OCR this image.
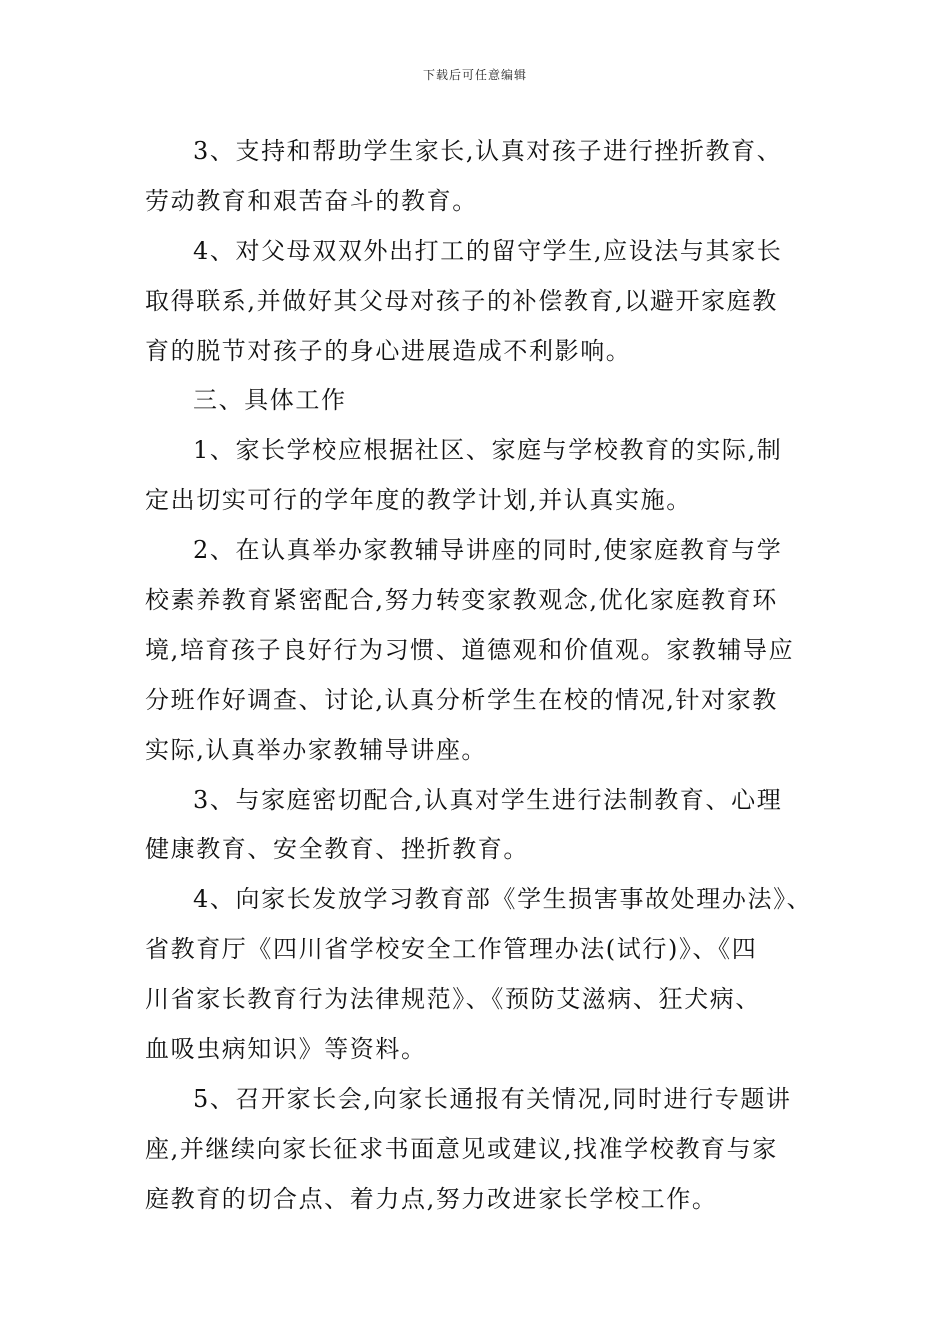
下载后可任意编辑
3、支持和帮助学生家长,认真对孩子进行挫折教育、
劳动教育和艰苦奋斗的教育。
4、对父母双双外出打工的留守学生,应设法与其家长
取得联系,并做好其父母对孩子的补偿教育,以避开家庭教
育的脱节对孩子的身心进展造成不利影响。
三、具体工作
1、家长学校应根据社区、家庭与学校教育的实际,制
定出切实可行的学年度的教学计划,并认真实施。
2、在认真举办家教辅导讲座的同时,使家庭教育与学
校素养教育紧密配合,努力转变家教观念,优化家庭教育环
境,培育孩子良好行为习惯、道德观和价值观。家教辅导应
分班作好调查、讨论,认真分析学生在校的情况,针对家教
实际,认真举办家教辅导讲座。
3、与家庭密切配合,认真对学生进行法制教育、心理
健康教育、安全教育、挫折教育。
4、向家长发放学习教育部《学生损害事故处理办法》、
省教育厅《四川省学校安全工作管理办法(试行)》、《四
川省家长教育行为法律规范》、《预防艾滋病、狂犬病、
血吸虫病知识》等资料。
5、召开家长会,向家长通报有关情况,同时进行专题讲
座,并继续向家长征求书面意见或建议,找准学校教育与家
庭教育的切合点、着力点,努力改进家长学校工作。
